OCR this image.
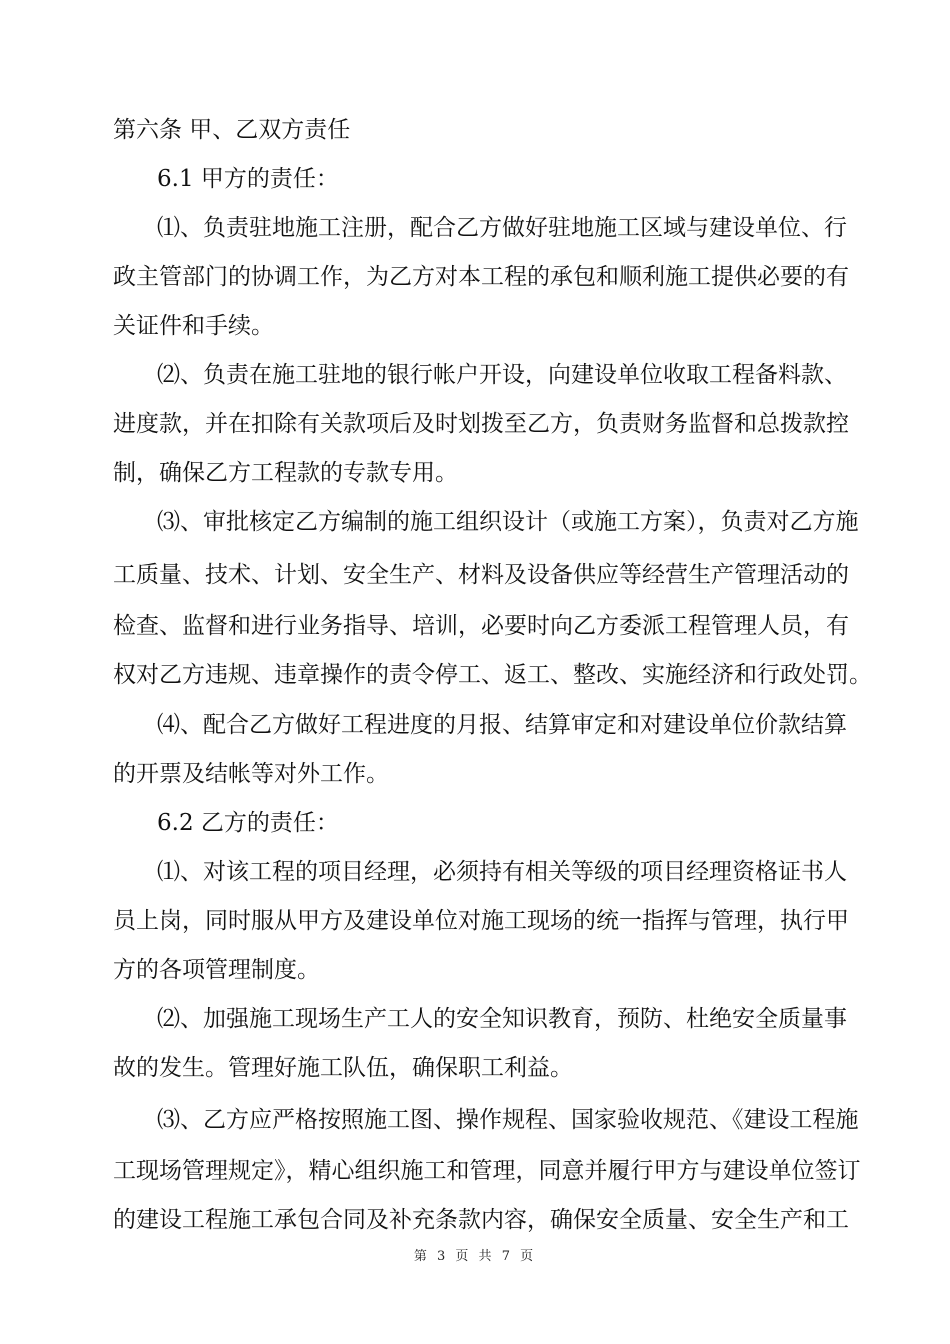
第六条 甲、乙双方责任
6.1 甲方的责任：
⑴、负责驻地施工注册，配合乙方做好驻地施工区域与建设单位、行
政主管部门的协调工作，为乙方对本工程的承包和顺利施工提供必要的有
关证件和手续。
⑵、负责在施工驻地的银行帐户开设，向建设单位收取工程备料款、
进度款，并在扣除有关款项后及时划拨至乙方，负责财务监督和总拨款控
制，确保乙方工程款的专款专用。
⑶、审批核定乙方编制的施工组织设计（或施工方案），负责对乙方施
工质量、技术、计划、安全生产、材料及设备供应等经营生产管理活动的
检查、监督和进行业务指导、培训，必要时向乙方委派工程管理人员，有
权对乙方违规、违章操作的责令停工、返工、整改、实施经济和行政处罚。
⑷、配合乙方做好工程进度的月报、结算审定和对建设单位价款结算
的开票及结帐等对外工作。
6.2 乙方的责任：
⑴、对该工程的项目经理，必须持有相关等级的项目经理资格证书人
员上岗，同时服从甲方及建设单位对施工现场的统一指挥与管理，执行甲
方的各项管理制度。
⑵、加强施工现场生产工人的安全知识教育，预防、杜绝安全质量事
故的发生。管理好施工队伍，确保职工利益。
⑶、乙方应严格按照施工图、操作规程、国家验收规范、《建设工程施
工现场管理规定》，精心组织施工和管理，同意并履行甲方与建设单位签订
的建设工程施工承包合同及补充条款内容，确保安全质量、安全生产和工
第 3 页 共 7 页
